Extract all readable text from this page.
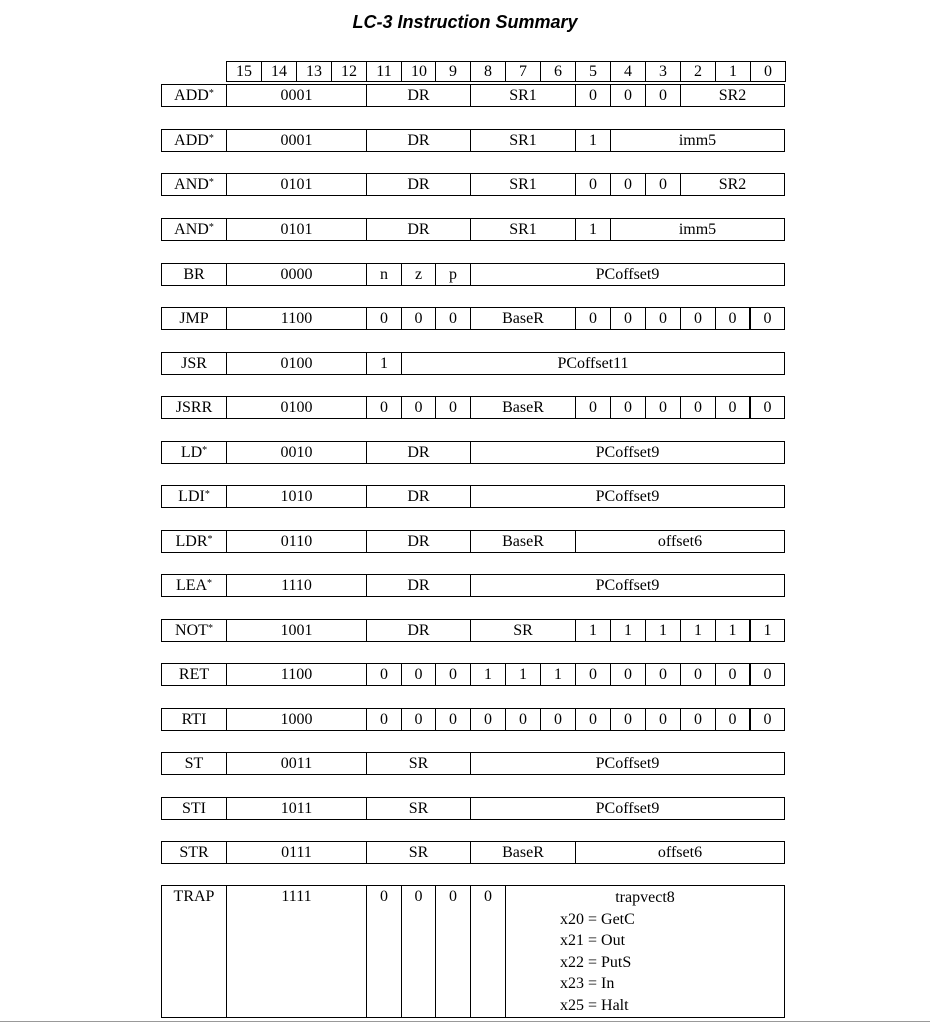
LC-3 Instruction Summary
15	14	13	12	11	10	9	8	7	6	5	4	3	2	1	0
ADD*	0001	DR	SR1	0	0	0	SR2
ADD*	0001	DR	SR1	1	imm5
AND*	0101	DR	SR1	0	0	0	SR2
AND*	0101	DR	SR1	1	imm5
BR	0000	n	z	p	PCoffset9
JMP	1100	0	0	0	BaseR	0	0	0	0	0	0
JSR	0100	1	PCoffset11
JSRR	0100	0	0	0	BaseR	0	0	0	0	0	0
LD*	0010	DR	PCoffset9
LDI*	1010	DR	PCoffset9
LDR*	0110	DR	BaseR	offset6
LEA*	1110	DR	PCoffset9
NOT*	1001	DR	SR	1	1	1	1	1	1
RET	1100	0	0	0	1	1	1	0	0	0	0	0	0
RTI	1000	0	0	0	0	0	0	0	0	0	0	0	0
ST	0011	SR	PCoffset9
STI	1011	SR	PCoffset9
STR	0111	SR	BaseR	offset6
TRAP	1111	0	0	0	0	trapvect8
x20 = GetC
x21 = Out
x22 = PutS
x23 = In
x25 = Halt
